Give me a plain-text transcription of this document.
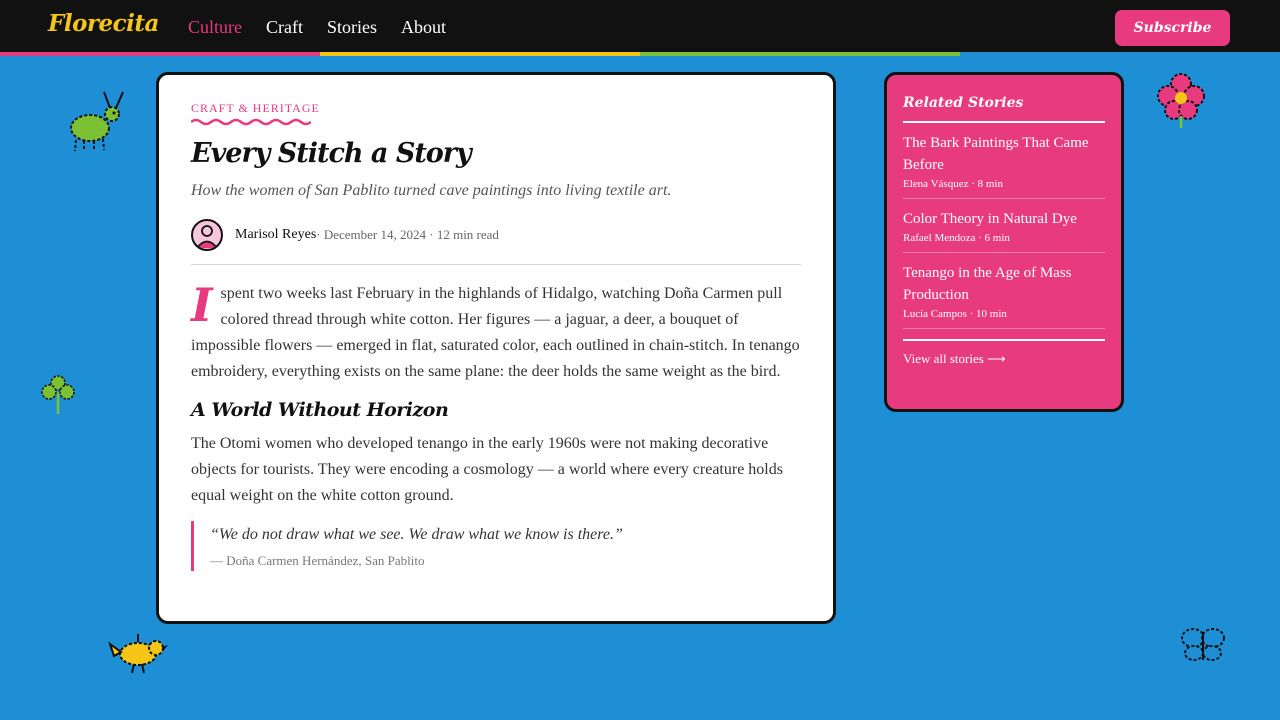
Florecita Culture Craft Stories About	Subscribe
CRAFT & HERITAGE
Every Stitch a Story

How the women of San Pablito turned cave paintings into living textile art.

Marisol Reyes · December 14, 2024 · 12 min read

Ispent two weeks last February in the highlands of Hidalgo, watching Doña Carmen pull colored thread through white cotton. Her figures — a jaguar, a deer, a bouquet of impossible flowers — emerged in flat, saturated color, each outlined in chain-stitch. In tenango embroidery, everything exists on the same plane: the deer holds the same weight as the bird.

A World Without Horizon

The Otomi women who developed tenango in the early 1960s were not making decorative objects for tourists. They were encoding a cosmology — a world where every creature holds equal weight on the white cotton ground.

“We do not draw what we see. We draw what we know is there.”
— Doña Carmen Hernández, San Pablito
Related Stories
The Bark Paintings That Came Before
Elena Vásquez · 8 min
Color Theory in Natural Dye
Rafael Mendoza · 6 min
Tenango in the Age of Mass Production
Lucía Campos · 10 min
View all stories ⟶
